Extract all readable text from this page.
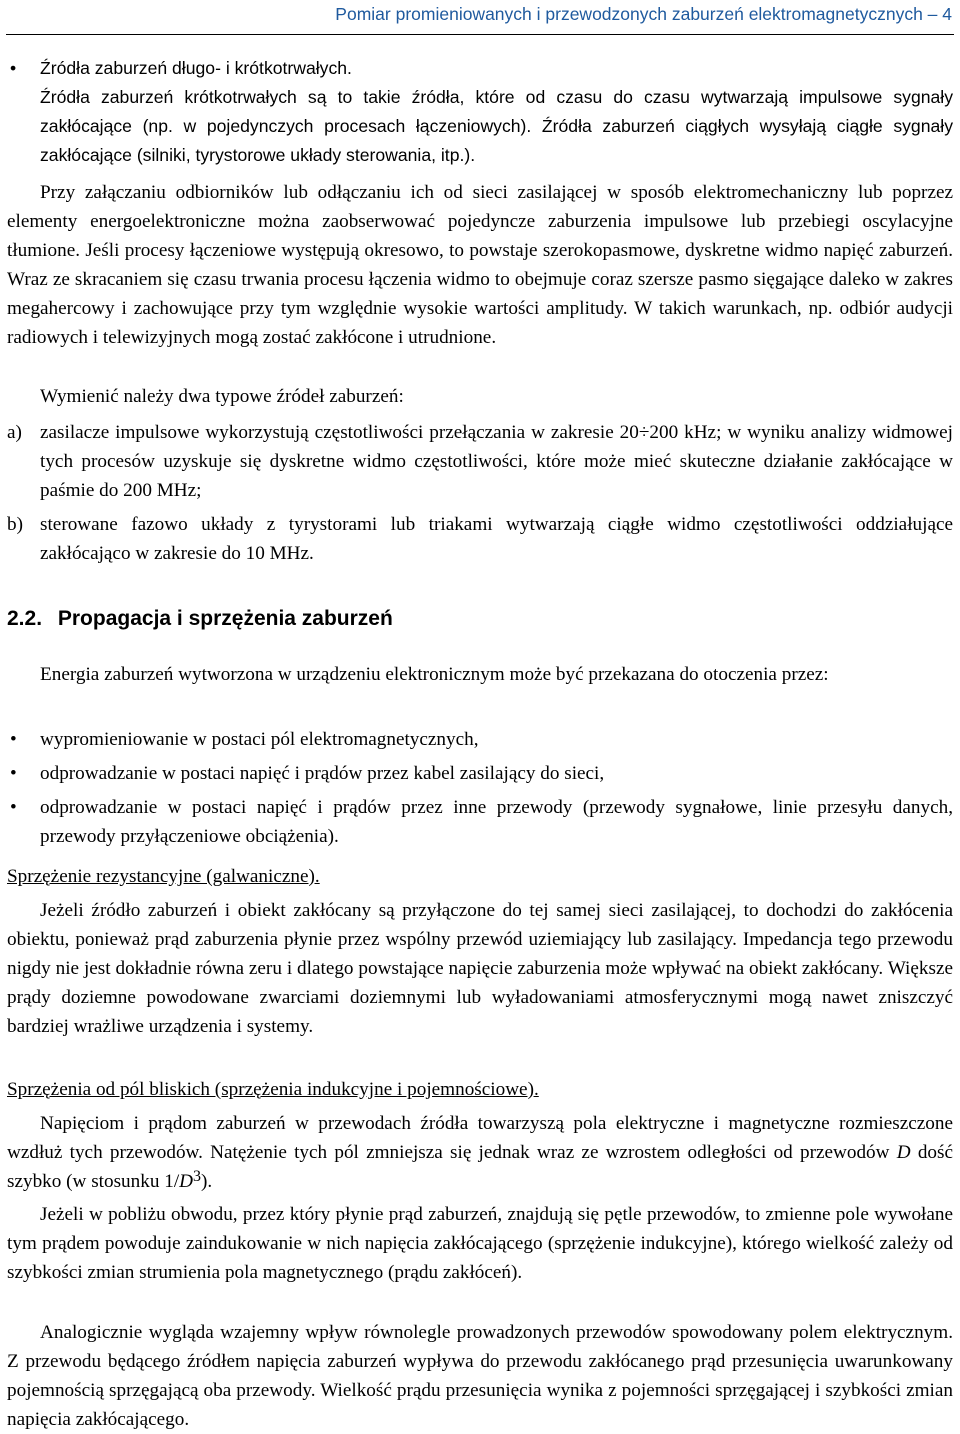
Pomiar promieniowanych i przewodzonych zaburzeń elektromagnetycznych – 4
•	Źródła zaburzeń długo- i krótkotrwałych.
Źródła zaburzeń krótkotrwałych są to takie źródła, które od czasu do czasu wytwarzają impulsowe sygnały zakłócające (np. w pojedynczych procesach łączeniowych). Źródła zaburzeń ciągłych wysyłają ciągłe sygnały zakłócające (silniki, tyrystorowe układy sterowania, itp.).

Przy załączaniu odbiorników lub odłączaniu ich od sieci zasilającej w sposób elektromechaniczny lub poprzez elementy energoelektroniczne można zaobserwować pojedyncze zaburzenia impulsowe lub przebiegi oscylacyjne tłumione. Jeśli procesy łączeniowe występują okresowo, to powstaje szerokopasmowe, dyskretne widmo napięć zaburzeń. Wraz ze skracaniem się czasu trwania procesu łączenia widmo to obejmuje coraz szersze pasmo sięgające daleko w zakres megahercowy i zachowujące przy tym względnie wysokie wartości amplitudy. W takich warunkach, np. odbiór audycji radiowych i telewizyjnych mogą zostać zakłócone i utrudnione.

Wymienić należy dwa typowe źródeł zaburzeń:

a) zasilacze impulsowe wykorzystują częstotliwości przełączania w zakresie 20÷200 kHz; w wyniku analizy widmowej tych procesów uzyskuje się dyskretne widmo częstotliwości, które może mieć skuteczne działanie zakłócające w paśmie do 200 MHz;
b) sterowane fazowo układy z tyrystorami lub triakami wytwarzają ciągłe widmo częstotliwości oddziałujące zakłócająco w zakresie do 10 MHz.
2.2. Propagacja i sprzężenia zaburzeń

Energia zaburzeń wytworzona w urządzeniu elektronicznym może być przekazana do otoczenia przez:

•	wypromieniowanie w postaci pól elektromagnetycznych,
•	odprowadzanie w postaci napięć i prądów przez kabel zasilający do sieci,
•	odprowadzanie w postaci napięć i prądów przez inne przewody (przewody sygnałowe, linie przesyłu danych, przewody przyłączeniowe obciążenia).

Sprzężenie rezystancyjne (galwaniczne).

Jeżeli źródło zaburzeń i obiekt zakłócany są przyłączone do tej samej sieci zasilającej, to dochodzi do zakłócenia obiektu, ponieważ prąd zaburzenia płynie przez wspólny przewód uziemiający lub zasilający. Impedancja tego przewodu nigdy nie jest dokładnie równa zeru i dlatego powstające napięcie zaburzenia może wpływać na obiekt zakłócany. Większe prądy doziemne powodowane zwarciami doziemnymi lub wyładowaniami atmosferycznymi mogą nawet zniszczyć bardziej wrażliwe urządzenia i systemy.

Sprzężenia od pól bliskich (sprzężenia indukcyjne i pojemnościowe).

Napięciom i prądom zaburzeń w przewodach źródła towarzyszą pola elektryczne i magnetyczne rozmieszczone wzdłuż tych przewodów. Natężenie tych pól zmniejsza się jednak wraz ze wzrostem odległości od przewodów D dość szybko (w stosunku $1/D^3$).

Jeżeli w pobliżu obwodu, przez który płynie prąd zaburzeń, znajdują się pętle przewodów, to zmienne pole wywołane tym prądem powoduje zaindukowanie w nich napięcia zakłócającego (sprzężenie indukcyjne), którego wielkość zależy od szybkości zmian strumienia pola magnetycznego (prądu zakłóceń).

Analogicznie wygląda wzajemny wpływ równolegle prowadzonych przewodów spowodowany polem elektrycznym. Z przewodu będącego źródłem napięcia zaburzeń wypływa do przewodu zakłócanego prąd przesunięcia uwarunkowany pojemnością sprzęgającą oba przewody. Wielkość prądu przesunięcia wynika z pojemności sprzęgającej i szybkości zmian napięcia zakłócającego.
